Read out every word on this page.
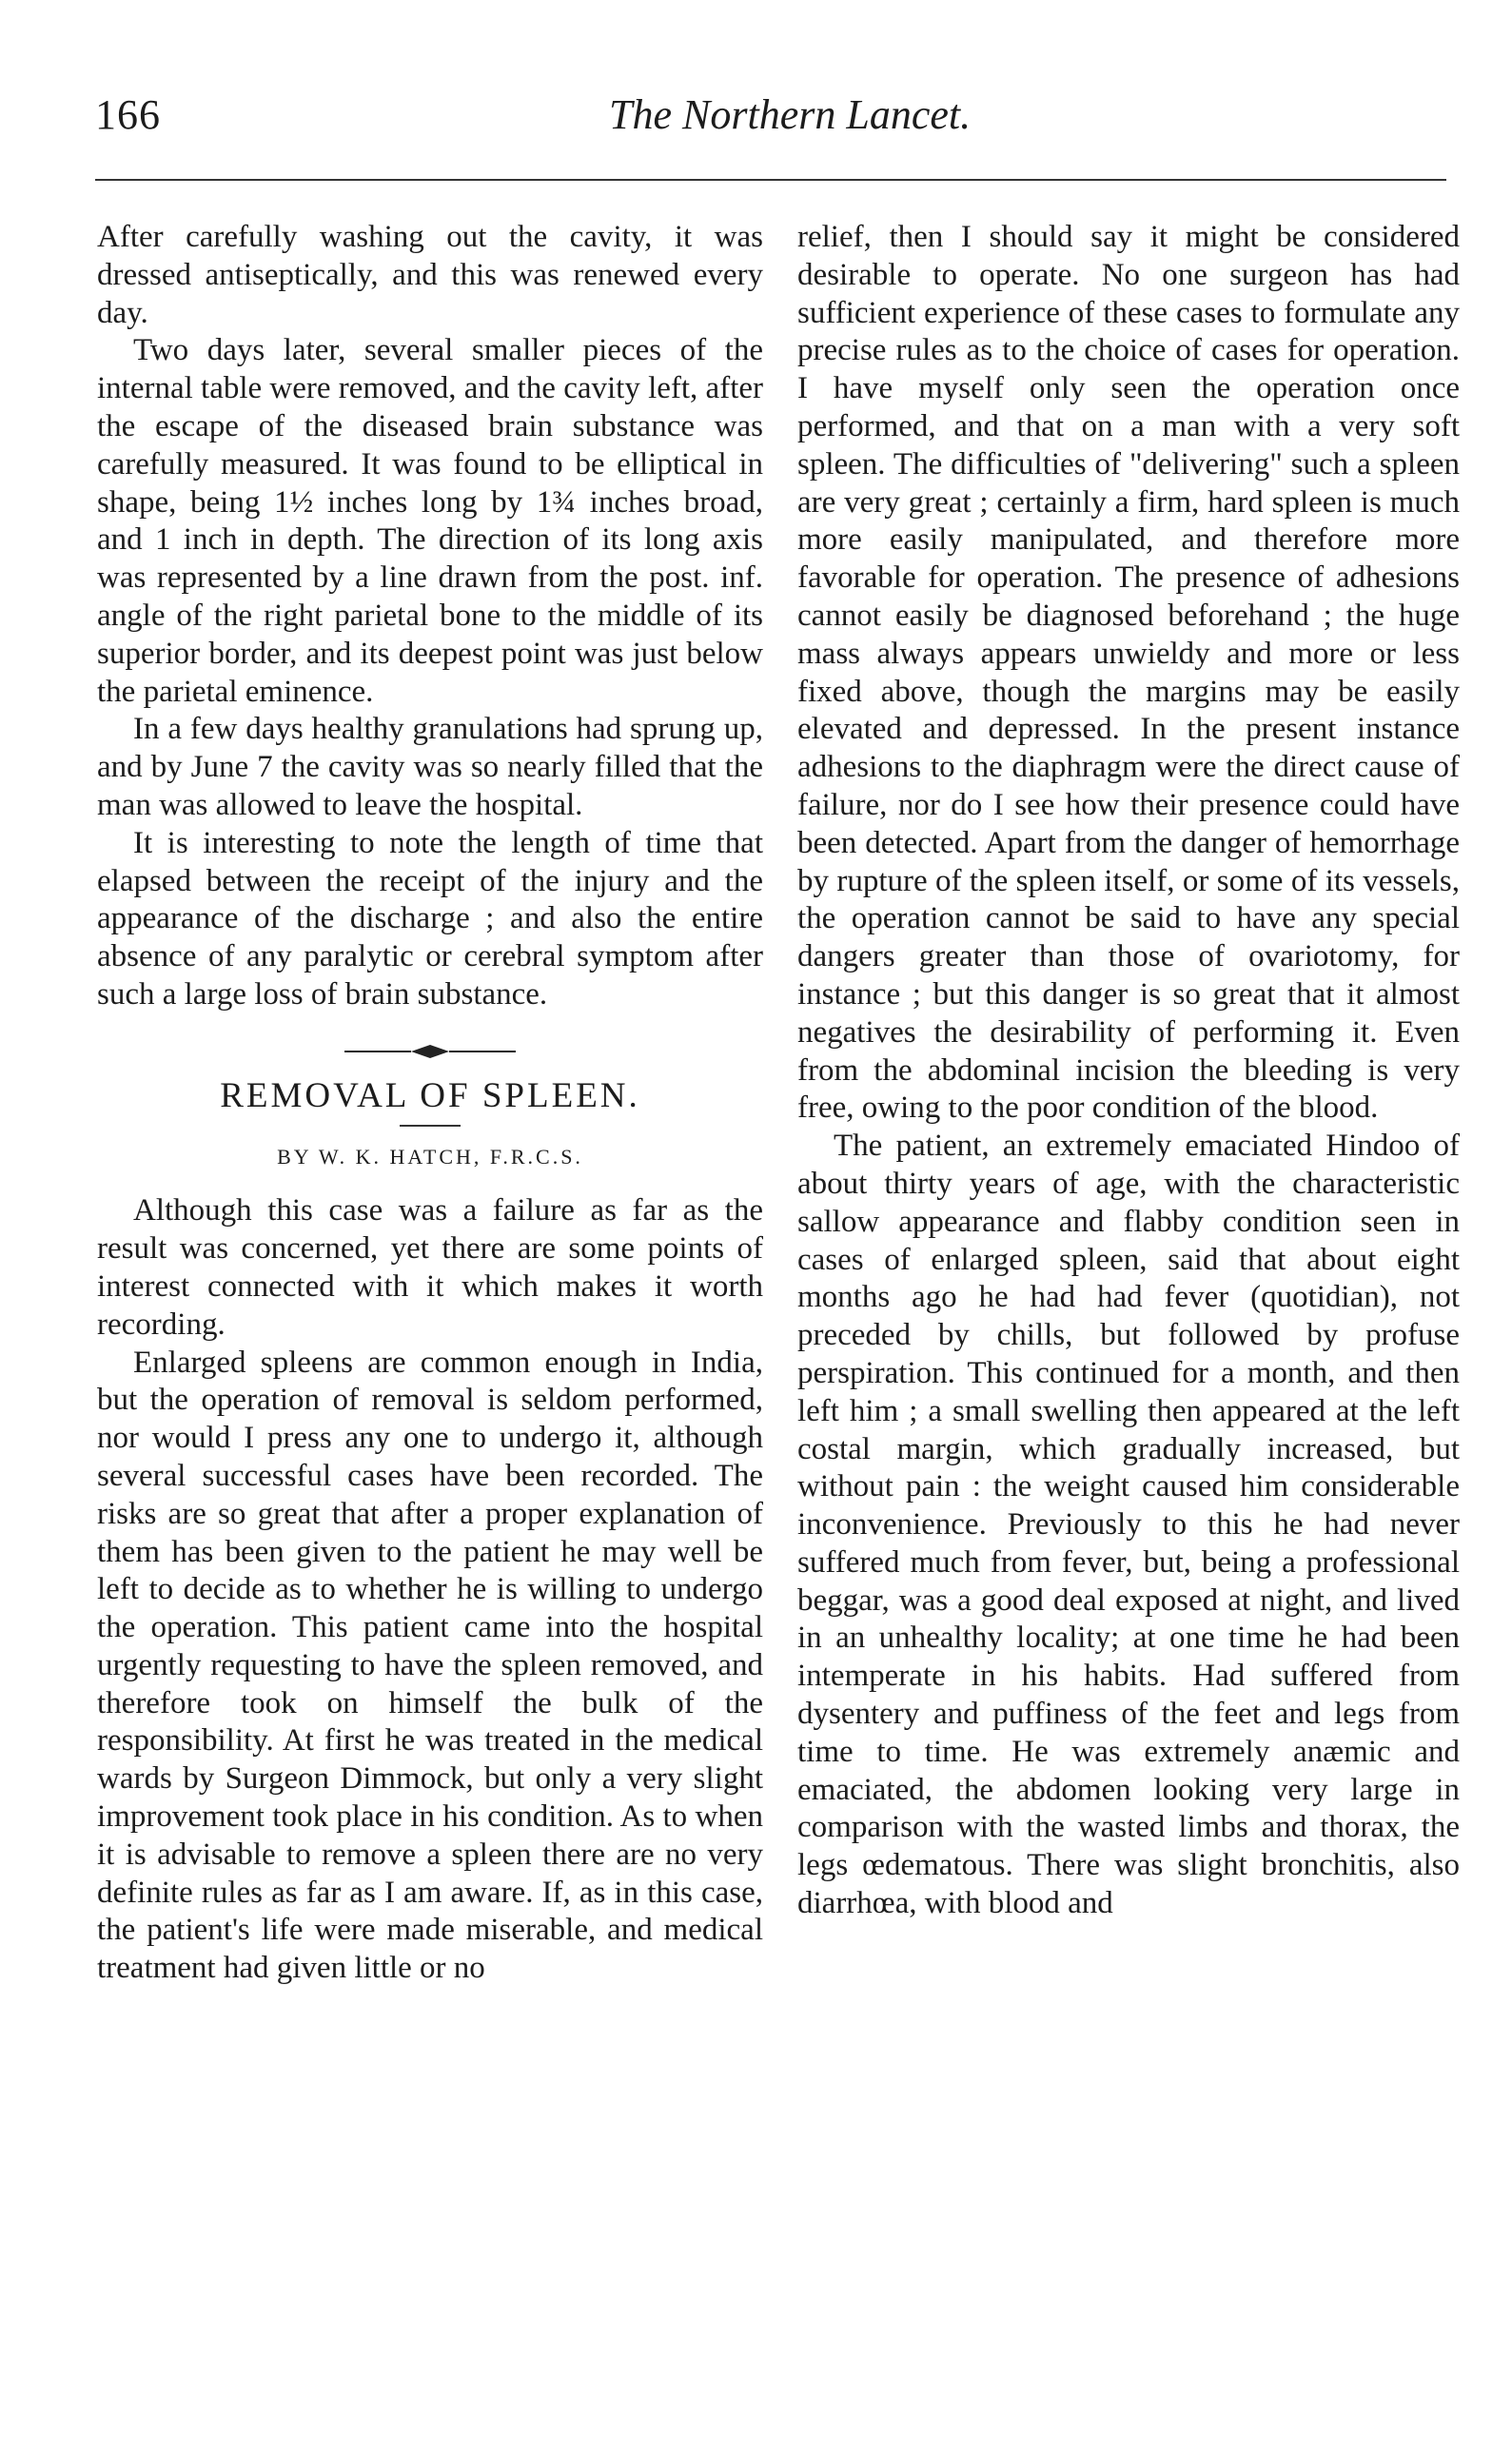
166	The Northern Lancet.

After carefully washing out the cavity, it was dressed antiseptically, and this was renewed every day.

Two days later, several smaller pieces of the internal table were removed, and the cavity left, after the escape of the diseased brain substance was carefully measured. It was found to be elliptical in shape, being 1½ inches long by 1¾ inches broad, and 1 inch in depth. The direction of its long axis was represented by a line drawn from the post. inf. angle of the right parietal bone to the middle of its superior border, and its deepest point was just below the parietal eminence.

In a few days healthy granulations had sprung up, and by June 7 the cavity was so nearly filled that the man was allowed to leave the hospital.

It is interesting to note the length of time that elapsed between the receipt of the injury and the appearance of the discharge ; and also the entire absence of any paralytic or cerebral symptom after such a large loss of brain substance.

REMOVAL OF SPLEEN.
BY W. K. HATCH, F.R.C.S.

Although this case was a failure as far as the result was concerned, yet there are some points of interest connected with it which makes it worth recording.

Enlarged spleens are common enough in India, but the operation of removal is seldom performed, nor would I press any one to undergo it, although several successful cases have been recorded. The risks are so great that after a proper explanation of them has been given to the patient he may well be left to decide as to whether he is willing to undergo the operation. This patient came into the hospital urgently requesting to have the spleen removed, and therefore took on himself the bulk of the responsibility. At first he was treated in the medical wards by Surgeon Dimmock, but only a very slight improvement took place in his condition. As to when it is advisable to remove a spleen there are no very definite rules as far as I am aware. If, as in this case, the patient's life were made miserable, and medical treatment had given little or no

relief, then I should say it might be considered desirable to operate. No one surgeon has had sufficient experience of these cases to formulate any precise rules as to the choice of cases for operation. I have myself only seen the operation once performed, and that on a man with a very soft spleen. The difficulties of "delivering" such a spleen are very great ; certainly a firm, hard spleen is much more easily manipulated, and therefore more favorable for operation. The presence of adhesions cannot easily be diagnosed beforehand ; the huge mass always appears unwieldy and more or less fixed above, though the margins may be easily elevated and depressed. In the present instance adhesions to the diaphragm were the direct cause of failure, nor do I see how their presence could have been detected. Apart from the danger of hemorrhage by rupture of the spleen itself, or some of its vessels, the operation cannot be said to have any special dangers greater than those of ovariotomy, for instance ; but this danger is so great that it almost negatives the desirability of performing it. Even from the abdominal incision the bleeding is very free, owing to the poor condition of the blood.

The patient, an extremely emaciated Hindoo of about thirty years of age, with the characteristic sallow appearance and flabby condition seen in cases of enlarged spleen, said that about eight months ago he had had fever (quotidian), not preceded by chills, but followed by profuse perspiration. This continued for a month, and then left him ; a small swelling then appeared at the left costal margin, which gradually increased, but without pain : the weight caused him considerable inconvenience. Previously to this he had never suffered much from fever, but, being a professional beggar, was a good deal exposed at night, and lived in an unhealthy locality; at one time he had been intemperate in his habits. Had suffered from dysentery and puffiness of the feet and legs from time to time. He was extremely anæmic and emaciated, the abdomen looking very large in comparison with the wasted limbs and thorax, the legs œdematous. There was slight bronchitis, also diarrhœa, with blood and
